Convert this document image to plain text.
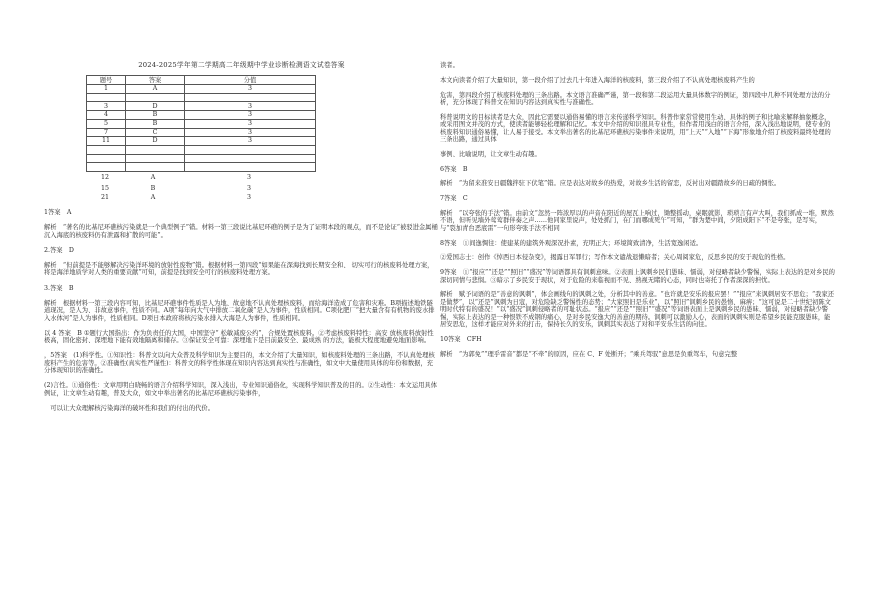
2024-2025学年第二学期高二年级期中学业诊断检测语文试卷答案
题号	答案	分值
1	A	3

3	D	3
4	B	3
5	B	3
7	C	3
11	D	3

12	A	3
15	B	3
21	A	3

1答案　A

解析　“著名的比基尼环礁核污染就是一个典型例子”错。材料一第三段说比基尼环礁的例子是为了证明本段的观点，而不是论证“被驳进金属桶沉入海底的核废料仍有泄露和扩散的可能”。

2.答案　D

解析　“但前提是不能够解决污染洋环境的放射性废物”错。根据材料一第四段“如果能在深海找到长期安全和、 切实可行的核废料处理方案，将是海洋地质学对人类的重要贡献”可知，前提是找到安全可行的核废料处理方案。

3.答案　B

解析　根据材料一第三段内容可知，比基尼环礁事件性质是人为地、故意地不认真处理核废料，而给海洋造成了危害和灾难。B项描述地铁隧道现况，是人为、非故意事件，性质不同。A项“每年向大气中排放二氧化碳”是人为事件，性质相同。C项化肥厂“把大量含有有机物的废水排入水体河”是人为事件，性质相同。D项日本政府将核污染水排入大海是人为事件，性质相同。

以 4 答案　B ①题行大国指出：作为负责任的大国，中国坚守“ 松敏减废公约”，合规处置核废料。②考虑核废料特性：高安 放核废料放射性极高，固化密封、深埋地下能有效地隔离和储存。③保证安全可靠：深埋地下是目前最安全、最成熟 的方法，能极大程度地避免地面影响。

，5答案　(1)科学性。①知识性：科普文以向大众普及科学知识为主要目的，本文介绍了大量知识，如核废料处理的三条出路，不认真处理核废料产生的危害等。②准确性(真实性严谨性)：科普文的科学性体现在知识内容达到真实性与准确性，如文中大量使用具体的年份和数据，充分体现知识的准确性。

(2)言性。①通俗性：文章用明白晓畅的语言介绍科学知识，深入浅出，专业知识通俗化，实现科学知识普及的目的。②生动性：本文运用具体例证，让文章生动有趣，普及大众，如文中举出著名的比基尼环礁核污染事件，

　可以让大众理解核污染海洋的破坏性和我们的付出的代价。

读者。

本文向读者介绍了大量知识，第一段介绍了过去几十年进入海洋的核废料，第三段介绍了不认真处理核废料产生的

危害，第四段介绍了核废料处理的三条出路。本文语言准确严谨，第一段和第二段运用大量具体数字的例证，第四段中几种不同处理方法的分析，充分体现了科普文在知识内容达到真实性与准确性。

科普说明文的目标读者是大众，因此它需要以通俗易懂的语言来传递科学知识。科普作家常常使用生动、具体的例子和比喻来解释抽象概念，或采用图文并茂的方式，使读者能够轻松理解和记忆。本文中介绍的知识很具专业性，但作者用浅白的语言介绍，深入浅出地说明，使专业的核废料知识通俗易懂，让人易于接受。本文举出著名的比基尼环礁核污染事件来说明，用“上天”“入地”“下海”形象地介绍了核废料最终处理的三条出路，通过具体

事例、比喻说明，让文章生动有趣。

6答案　B

解析　“为留来准安日疆魏拌驻下伏笔”错。应是表达对故乡的热爱，对故乡生活的留恋，反衬出对疆踏故乡的日疏的惆怅。

7答案　C

解析　“以夸张的手法”错。由前文“忽然一阵浓厚以的声音在阳近的屋瓦上响过，锄整摇动，桌眠就影，琐琐言有声大叫，我们抓成一堆，默然不语，但听见墙外莺莺群伴奏之声……他同家里说声，处处抓门，在门而哪成死午”可知，“群为楚中间，夕阳成阳下“不是夸张，是写实，与“裂加青台恶底雷”一句形夸张手法不相同

8答案　①间逸惆往：使建某的建筑外观深况扑素，充明正大；环境简致清净，生活宽逸闲适。

②爱国志士：创作《悼西日本侵杂变》，揭露日军罪行；写作本文谴战退懒暗者；关心周阅家危，反思乡民的安于现危的性格。

9答案　①“报应”“还是”“照旧”“盛况”等词语都具有讽刺意味。②表面上讽刺乡民们愚昧、懦弱，对侵略者缺少警惕，实际上表达的是对乡民的深切同情与悲悯。③暗示了乡民安于现状，对于危险的来临视而不见、熟视无睹的心态，同时也寄托了作者深深的担忧。

解析　赋予词语的是“善意的讽刺”，体会画线句的讽刺之处，分析其中的善意。“也许就是安乐的报应罢！”“报应”来讽刺居安不思危；“我家还是做梦”，以“还是”讽刺为日寇，对危险缺乏警惕性的态势；“大家照旧是乐业”，以“照旧”讽刺乡民的愚惰、麻痹；“这可说是二十世纪初陈文明时代特有的盛况！”以“盛况”讽刺侵略者的可耻状态。“报应”“还是”“照旧”“盛况”等词语表面上是讽刺乡民的愚昧、懦弱，对侵略者缺少警惕，实际上表达的是一种恨铁不成钢的痛心，是对乡民安逸大的善意的期待。讽刺可以激励人心，表面的讽刺实则是希望乡民能克服愚昧，能居安思危，这样才能应对外来的打击，保持长久的安乐，讽刺其实表达了对和平安乐生活的向往。

10答案　CFH

解析　“为郭免”“理乎雷音”都是“不牵”的原因，应在 C、F 处断开；“乘兵驾驭”意思是负重驾车，句意完整
